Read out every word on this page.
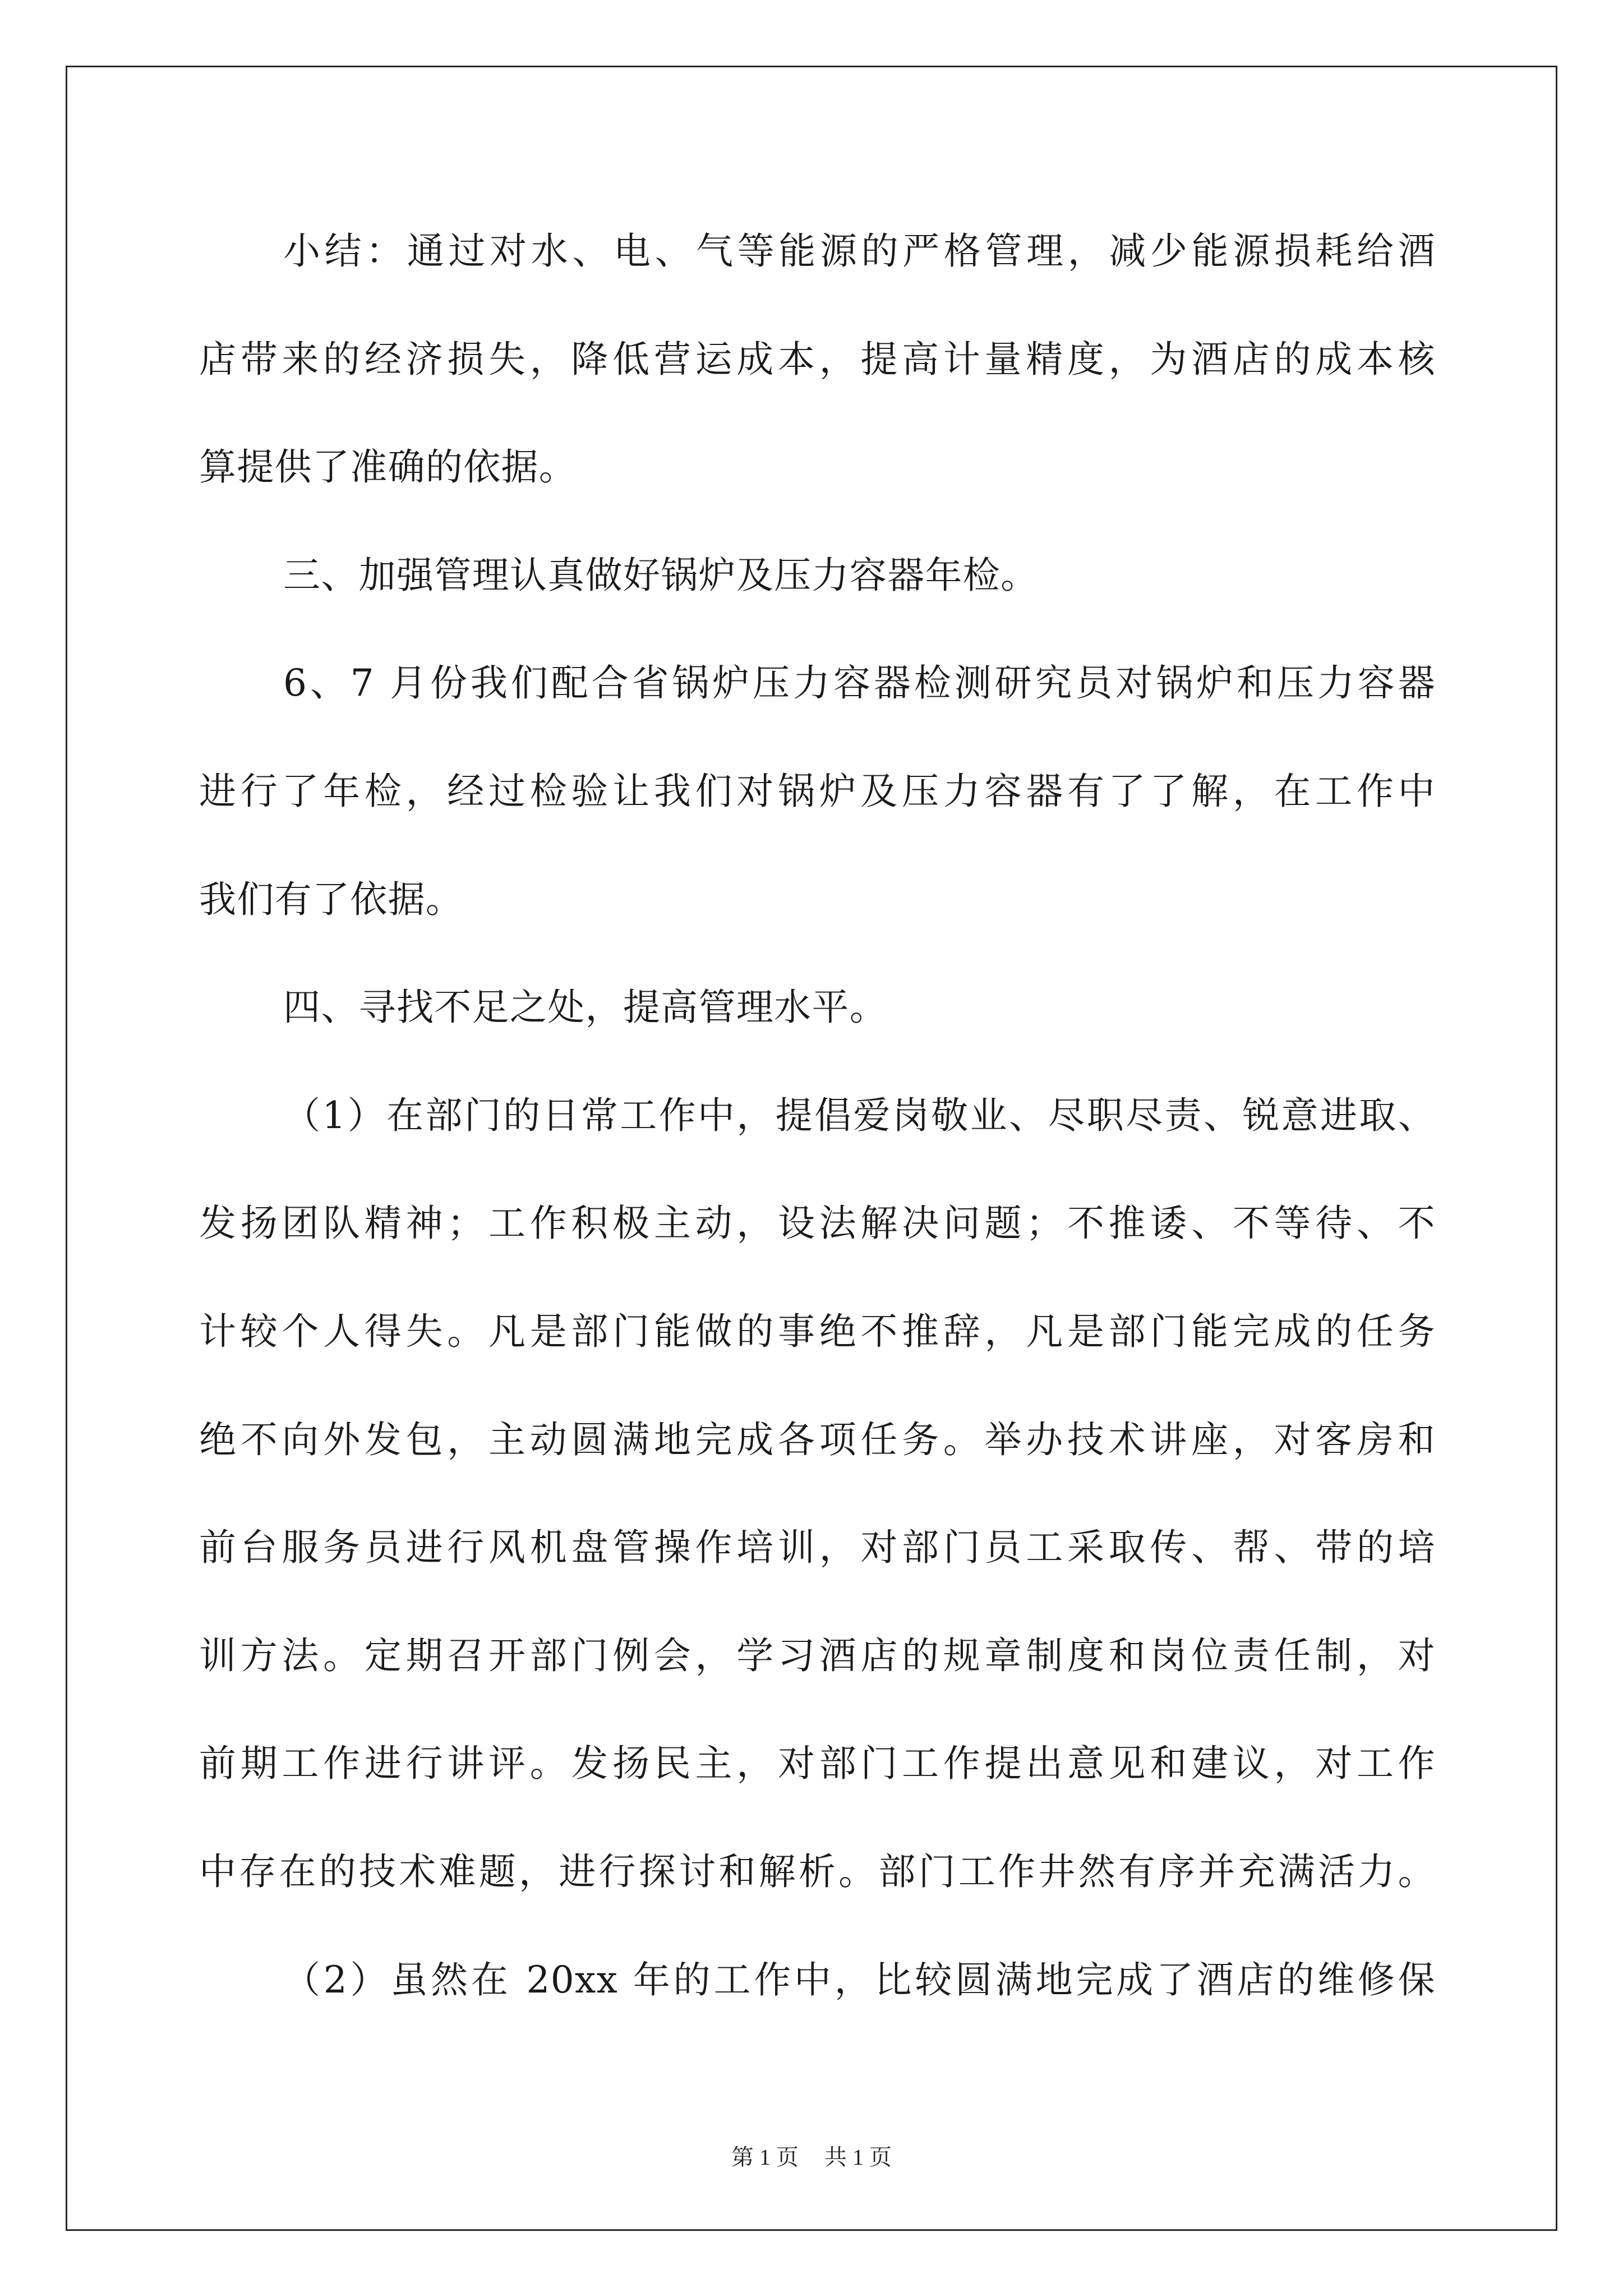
小结：通过对水、电、气等能源的严格管理，减少能源损耗给酒
店带来的经济损失，降低营运成本，提高计量精度，为酒店的成本核
算提供了准确的依据。
三、加强管理认真做好锅炉及压力容器年检。
6、7 月份我们配合省锅炉压力容器检测研究员对锅炉和压力容器
进行了年检，经过检验让我们对锅炉及压力容器有了了解，在工作中
我们有了依据。
四、寻找不足之处，提高管理水平。
（1）在部门的日常工作中，提倡爱岗敬业、尽职尽责、锐意进取、
发扬团队精神；工作积极主动，设法解决问题；不推诿、不等待、不
计较个人得失。凡是部门能做的事绝不推辞，凡是部门能完成的任务
绝不向外发包，主动圆满地完成各项任务。举办技术讲座，对客房和
前台服务员进行风机盘管操作培训，对部门员工采取传、帮、带的培
训方法。定期召开部门例会，学习酒店的规章制度和岗位责任制，对
前期工作进行讲评。发扬民主，对部门工作提出意见和建议，对工作
中存在的技术难题，进行探讨和解析。部门工作井然有序并充满活力。
（2）虽然在 20xx 年的工作中，比较圆满地完成了酒店的维修保
第 1 页 共 1 页
